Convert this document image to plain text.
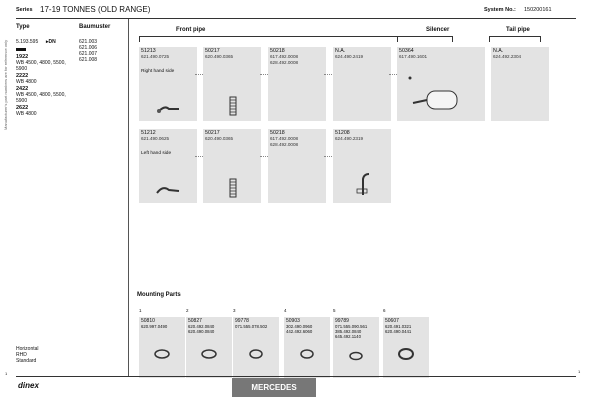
Series 17-19 TONNES (OLD RANGE)	System No.: 150200161
Manufacturer's part numbers are for reference only
Type	Baumuster
5.193.595 ▸DN	621.003
621.006
621.007
621.008
1922
WB 4500, 4800, 5500, 5900
2222
WB 4800
2422
WB 4500, 4800, 5500, 5900
2622
WB 4800
Front pipe	Silencer	Tail pipe
51213
621.490.0725
Right hand side
50217
620.490.0365
50218
617.492.0008
628.492.0008
N.A.
624.490.2419
50364
617.490.1601
N.A.
624.492.2304
51212
621.490.0625
Left hand side
50217
620.490.0365
50218
617.492.0008
628.492.0008
51208
624.490.2319
Mounting Parts
1
50810
620.997.0490
2
50827
620.492.0840 620.490.0840
3
99778
071.555.078.502
4
50903
302.490.0960 442.492.6060
5
99789
071.555.090.561 385.492.0840 645.492.1140
6
50607
620.491.0321 620.490.0441
Horizontal
RHD
Standard
1	1
dinex	MERCEDES
